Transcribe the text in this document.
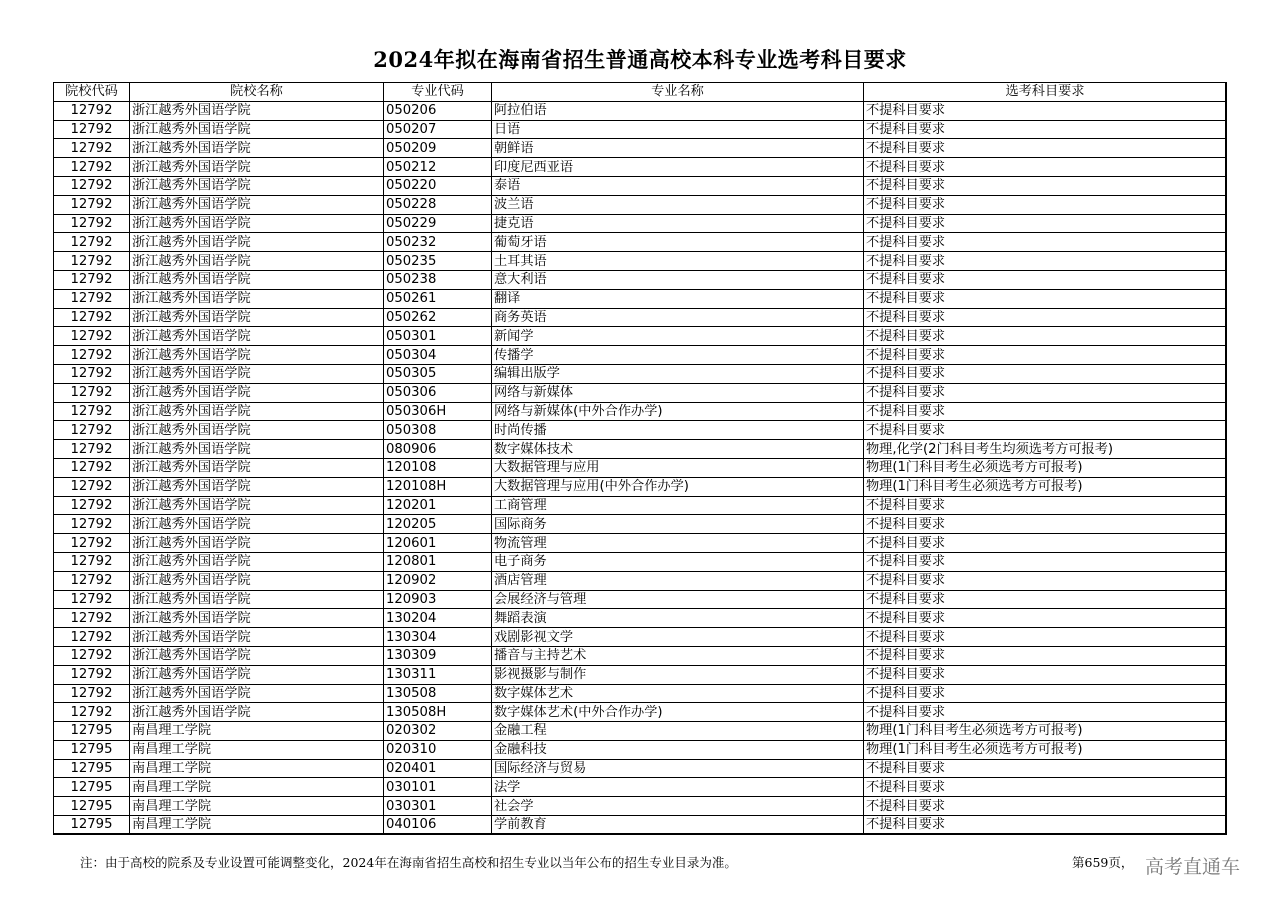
2024年拟在海南省招生普通高校本科专业选考科目要求
院校代码	院校名称	专业代码	专业名称	选考科目要求
12792	浙江越秀外国语学院	050206	阿拉伯语	不提科目要求
12792	浙江越秀外国语学院	050207	日语	不提科目要求
12792	浙江越秀外国语学院	050209	朝鲜语	不提科目要求
12792	浙江越秀外国语学院	050212	印度尼西亚语	不提科目要求
12792	浙江越秀外国语学院	050220	泰语	不提科目要求
12792	浙江越秀外国语学院	050228	波兰语	不提科目要求
12792	浙江越秀外国语学院	050229	捷克语	不提科目要求
12792	浙江越秀外国语学院	050232	葡萄牙语	不提科目要求
12792	浙江越秀外国语学院	050235	土耳其语	不提科目要求
12792	浙江越秀外国语学院	050238	意大利语	不提科目要求
12792	浙江越秀外国语学院	050261	翻译	不提科目要求
12792	浙江越秀外国语学院	050262	商务英语	不提科目要求
12792	浙江越秀外国语学院	050301	新闻学	不提科目要求
12792	浙江越秀外国语学院	050304	传播学	不提科目要求
12792	浙江越秀外国语学院	050305	编辑出版学	不提科目要求
12792	浙江越秀外国语学院	050306	网络与新媒体	不提科目要求
12792	浙江越秀外国语学院	050306H	网络与新媒体(中外合作办学)	不提科目要求
12792	浙江越秀外国语学院	050308	时尚传播	不提科目要求
12792	浙江越秀外国语学院	080906	数字媒体技术	物理,化学(2门科目考生均须选考方可报考)
12792	浙江越秀外国语学院	120108	大数据管理与应用	物理(1门科目考生必须选考方可报考)
12792	浙江越秀外国语学院	120108H	大数据管理与应用(中外合作办学)	物理(1门科目考生必须选考方可报考)
12792	浙江越秀外国语学院	120201	工商管理	不提科目要求
12792	浙江越秀外国语学院	120205	国际商务	不提科目要求
12792	浙江越秀外国语学院	120601	物流管理	不提科目要求
12792	浙江越秀外国语学院	120801	电子商务	不提科目要求
12792	浙江越秀外国语学院	120902	酒店管理	不提科目要求
12792	浙江越秀外国语学院	120903	会展经济与管理	不提科目要求
12792	浙江越秀外国语学院	130204	舞蹈表演	不提科目要求
12792	浙江越秀外国语学院	130304	戏剧影视文学	不提科目要求
12792	浙江越秀外国语学院	130309	播音与主持艺术	不提科目要求
12792	浙江越秀外国语学院	130311	影视摄影与制作	不提科目要求
12792	浙江越秀外国语学院	130508	数字媒体艺术	不提科目要求
12792	浙江越秀外国语学院	130508H	数字媒体艺术(中外合作办学)	不提科目要求
12795	南昌理工学院	020302	金融工程	物理(1门科目考生必须选考方可报考)
12795	南昌理工学院	020310	金融科技	物理(1门科目考生必须选考方可报考)
12795	南昌理工学院	020401	国际经济与贸易	不提科目要求
12795	南昌理工学院	030101	法学	不提科目要求
12795	南昌理工学院	030301	社会学	不提科目要求
12795	南昌理工学院	040106	学前教育	不提科目要求
注：由于高校的院系及专业设置可能调整变化，2024年在海南省招生高校和招生专业以当年公布的招生专业目录为准。	第659页， 高考直通车
